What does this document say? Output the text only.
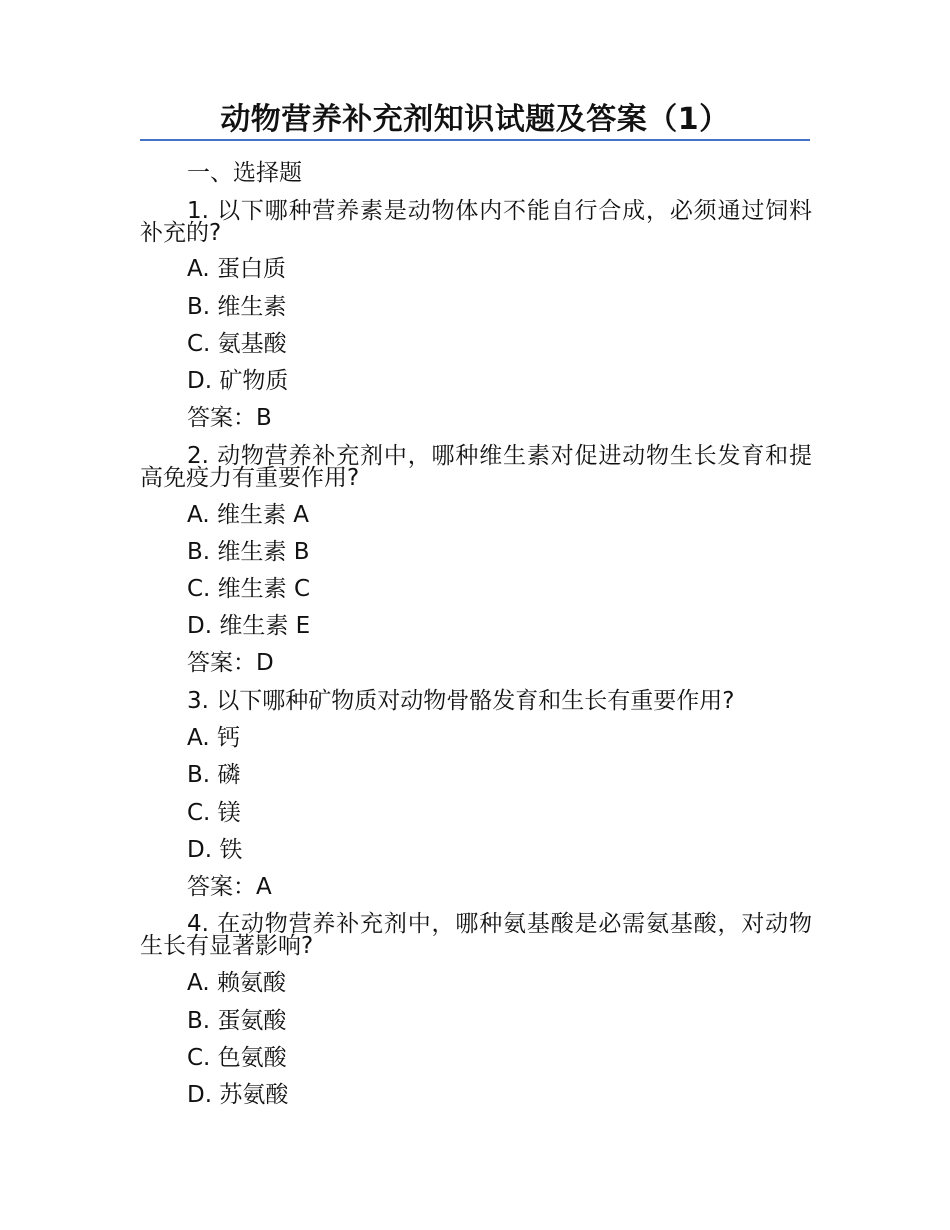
动物营养补充剂知识试题及答案（1）
一、选择题
1. 以下哪种营养素是动物体内不能自行合成，必须通过饲料补充的?
A. 蛋白质
B. 维生素
C. 氨基酸
D. 矿物质
答案：B
2. 动物营养补充剂中，哪种维生素对促进动物生长发育和提高免疫力有重要作用?
A. 维生素 A
B. 维生素 B
C. 维生素 C
D. 维生素 E
答案：D
3. 以下哪种矿物质对动物骨骼发育和生长有重要作用?
A. 钙
B. 磷
C. 镁
D. 铁
答案：A
4. 在动物营养补充剂中，哪种氨基酸是必需氨基酸，对动物生长有显著影响?
A. 赖氨酸
B. 蛋氨酸
C. 色氨酸
D. 苏氨酸
